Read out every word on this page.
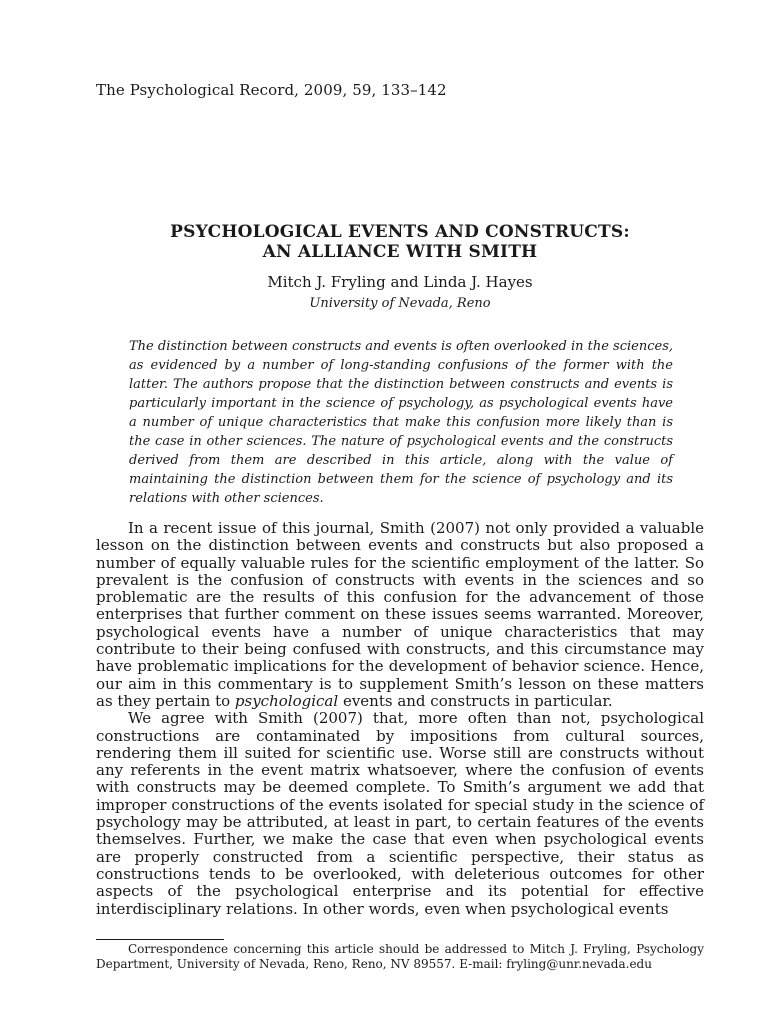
The Psychological Record, 2009, 59, 133–142
PSYCHOLOGICAL EVENTS AND CONSTRUCTS:
AN ALLIANCE WITH SMITH
Mitch J. Fryling and Linda J. Hayes
University of Nevada, Reno

The distinction between constructs and events is often overlooked in the sciences, as evidenced by a number of long-standing confusions of the former with the latter. The authors propose that the distinction between constructs and events is particularly important in the science of psychology, as psychological events have a number of unique characteristics that make this confusion more likely than is the case in other sciences. The nature of psychological events and the constructs derived from them are described in this article, along with the value of maintaining the distinction between them for the science of psychology and its relations with other sciences.

In a recent issue of this journal, Smith (2007) not only provided a valuable lesson on the distinction between events and constructs but also proposed a number of equally valuable rules for the scientific employment of the latter. So prevalent is the confusion of constructs with events in the sciences and so problematic are the results of this confusion for the advancement of those enterprises that further comment on these issues seems warranted. Moreover, psychological events have a number of unique characteristics that may contribute to their being confused with constructs, and this circumstance may have problematic implications for the development of behavior science. Hence, our aim in this commentary is to supplement Smith’s lesson on these matters as they pertain to psychological events and constructs in particular.

We agree with Smith (2007) that, more often than not, psychological constructions are contaminated by impositions from cultural sources, rendering them ill suited for scientific use. Worse still are constructs without any referents in the event matrix whatsoever, where the confusion of events with constructs may be deemed complete. To Smith’s argument we add that improper constructions of the events isolated for special study in the science of psychology may be attributed, at least in part, to certain features of the events themselves. Further, we make the case that even when psychological events are properly constructed from a scientific perspective, their status as constructions tends to be overlooked, with deleterious outcomes for other aspects of the psychological enterprise and its potential for effective interdisciplinary relations. In other words, even when psychological events

Correspondence concerning this article should be addressed to Mitch J. Fryling, Psychology Department, University of Nevada, Reno, Reno, NV 89557. E-mail: fryling@unr.nevada.edu
